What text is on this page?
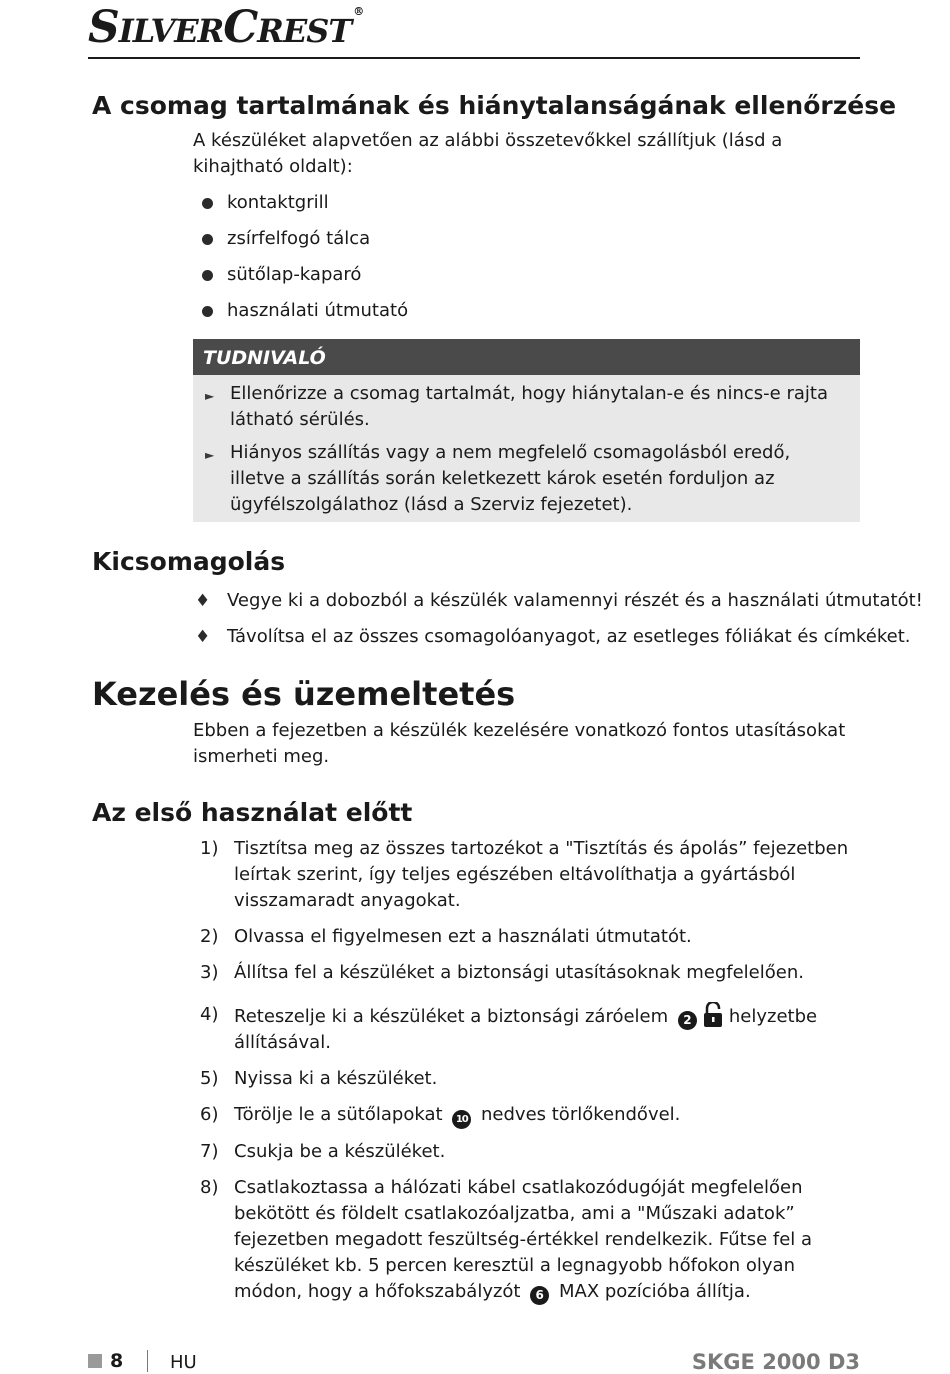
SILVERCREST®
A csomag tartalmának és hiánytalanságának ellenőrzése
A készüléket alapvetően az alábbi összetevőkkel szállítjuk (lásd a kihajtható oldalt):
kontaktgrill
zsírfelfogó tálca
sütőlap-kaparó
használati útmutató
TUDNIVALÓ
► Ellenőrizze a csomag tartalmát, hogy hiánytalan-e és nincs-e rajta látható sérülés.
► Hiányos szállítás vagy a nem megfelelő csomagolásból eredő, illetve a szállítás során keletkezett károk esetén forduljon az ügyfélszolgálathoz (lásd a Szerviz fejezetet).
Kicsomagolás
♦ Vegye ki a dobozból a készülék valamennyi részét és a használati útmutatót!
♦ Távolítsa el az összes csomagolóanyagot, az esetleges fóliákat és címkéket.
Kezelés és üzemeltetés
Ebben a fejezetben a készülék kezelésére vonatkozó fontos utasításokat ismerheti meg.
Az első használat előtt
1) Tisztítsa meg az összes tartozékot a "Tisztítás és ápolás” fejezetben leírtak szerint, így teljes egészében eltávolíthatja a gyártásból visszamaradt anyagokat.
2) Olvassa el figyelmesen ezt a használati útmutatót.
3) Állítsa fel a készüléket a biztonsági utasításoknak megfelelően.
4) Reteszelje ki a készüléket a biztonsági záróelem 2 helyzetbe állításával.
5) Nyissa ki a készüléket.
6) Törölje le a sütőlapokat 10 nedves törlőkendővel.
7) Csukja be a készüléket.
8) Csatlakoztassa a hálózati kábel csatlakozódugóját megfelelően bekötött és földelt csatlakozóaljzatba, ami a "Műszaki adatok” fejezetben megadott feszültség-értékkel rendelkezik. Fűtse fel a készüléket kb. 5 percen keresztül a legnagyobb hőfokon olyan módon, hogy a hőfokszabályzót 6 MAX pozícióba állítja.
8	HU	SKGE 2000 D3
